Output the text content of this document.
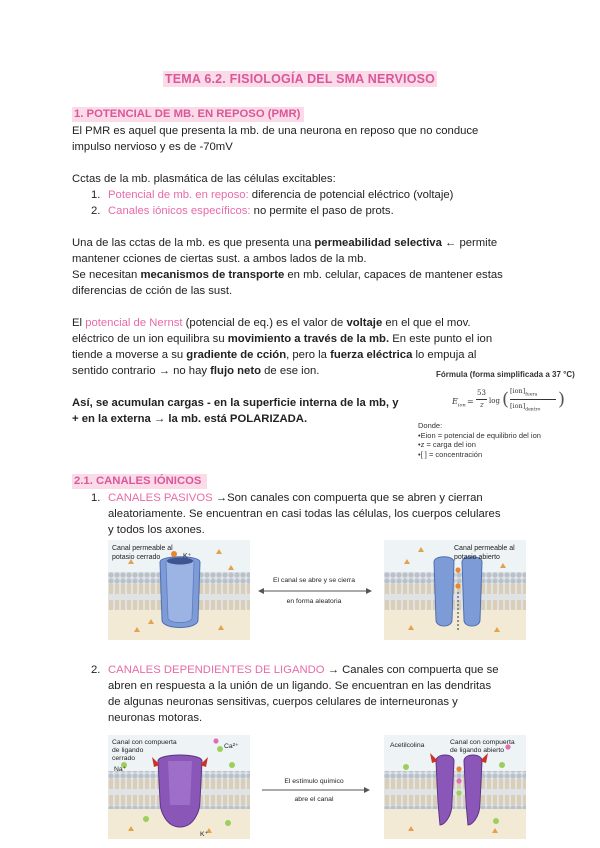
TEMA 6.2. FISIOLOGÍA DEL SMA NERVIOSO
1. POTENCIAL DE MB. EN REPOSO (PMR)
El PMR es aquel que presenta la mb. de una neurona en reposo que no conduce
impulso nervioso y es de -70mV
Cctas de la mb. plasmática de las células excitables:
1. Potencial de mb. en reposo: diferencia de potencial eléctrico (voltaje)
2. Canales iónicos específicos: no permite el paso de prots.
Una de las cctas de la mb. es que presenta una permeabilidad selectiva ← permite
mantener cciones de ciertas sust. a ambos lados de la mb.
Se necesitan mecanismos de transporte en mb. celular, capaces de mantener estas
diferencias de cción de las sust.
El potencial de Nernst (potencial de eq.) es el valor de voltaje en el que el mov.
eléctrico de un ion equilibra su movimiento a través de la mb. En este punto el ion
tiende a moverse a su gradiente de cción, pero la fuerza eléctrica lo empuja al
sentido contrario → no hay flujo neto de ese ion.
Así, se acumulan cargas - en la superficie interna de la mb, y
+ en la externa → la mb. está POLARIZADA.
Fórmula (forma simplificada a 37 °C)
$E_{ion}$ =
53
z log ( $[ion]_{fuera}$
$[ion]_{dentro}$ )
Donde:
•Eion = potencial de equilibrio del ion
•z = carga del ion
•[ ] = concentración
2.1. CANALES IÓNICOS
1. CANALES PASIVOS →Son canales con compuerta que se abren y cierran
aleatoriamente. Se encuentran en casi todas las células, los cuerpos celulares
y todos los axones.
Canal permeable al
potasio cerrado	K⁺
El canal se abre y se cierra
en forma aleatoria
Canal permeable al
potasio abierto
2. CANALES DEPENDIENTES DE LIGANDO → Canales con compuerta que se
abren en respuesta a la unión de un ligando. Se encuentran en las dendritas
de algunas neuronas sensitivas, cuerpos celulares de interneuronas y
neuronas motoras.
Canal con compuerta
de ligando
cerrado
Na⁺
Ca²⁺
K⁺
El estímulo químico
abre el canal
Acetilcolina	Canal con compuerta
de ligando abierto
